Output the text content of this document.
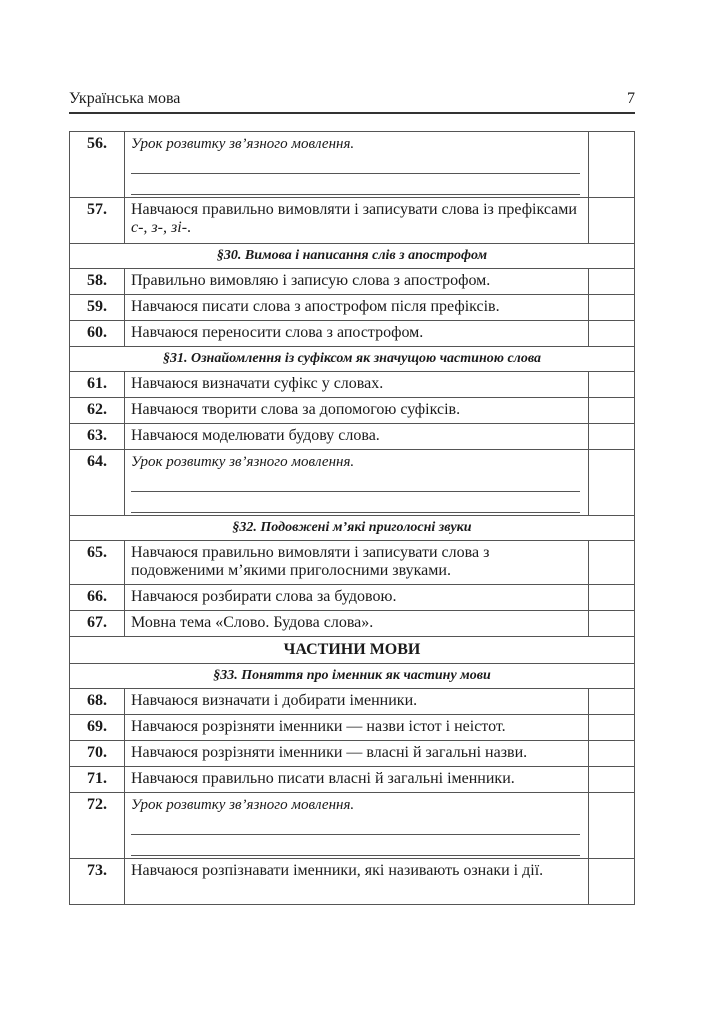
Українська мова	7
56.	Урок розвитку зв’язного мовлення.	

57.	Навчаюся правильно вимовляти і записувати слова із префіксами с-, з-, зі-.	
§30. Вимова і написання слів з апострофом		
58.	Правильно вимовляю і записую слова з апострофом.	
59.	Навчаюся писати слова з апострофом після префіксів.	
60.	Навчаюся переносити слова з апострофом.	
§31. Ознайомлення із суфіксом як значущою частиною слова		
61.	Навчаюся визначати суфікс у словах.	
62.	Навчаюся творити слова за допомогою суфіксів.	
63.	Навчаюся моделювати будову слова.	
64.	Урок розвитку зв’язного мовлення.	

§32. Подовжені м’які приголосні звуки		
65.	Навчаюся правильно вимовляти і записувати слова з подовженими м’якими приголосними звуками.	
66.	Навчаюся розбирати слова за будовою.	
67.	Мовна тема «Слово. Будова слова».	
ЧАСТИНИ МОВИ		
§33. Поняття про іменник як частину мови		
68.	Навчаюся визначати і добирати іменники.	
69.	Навчаюся розрізняти іменники — назви істот і неістот.	
70.	Навчаюся розрізняти іменники — власні й загальні назви.	
71.	Навчаюся правильно писати власні й загальні іменники.	
72.	Урок розвитку зв’язного мовлення.	

73.	Навчаюся розпізнавати іменники, які називають ознаки і дії.	
